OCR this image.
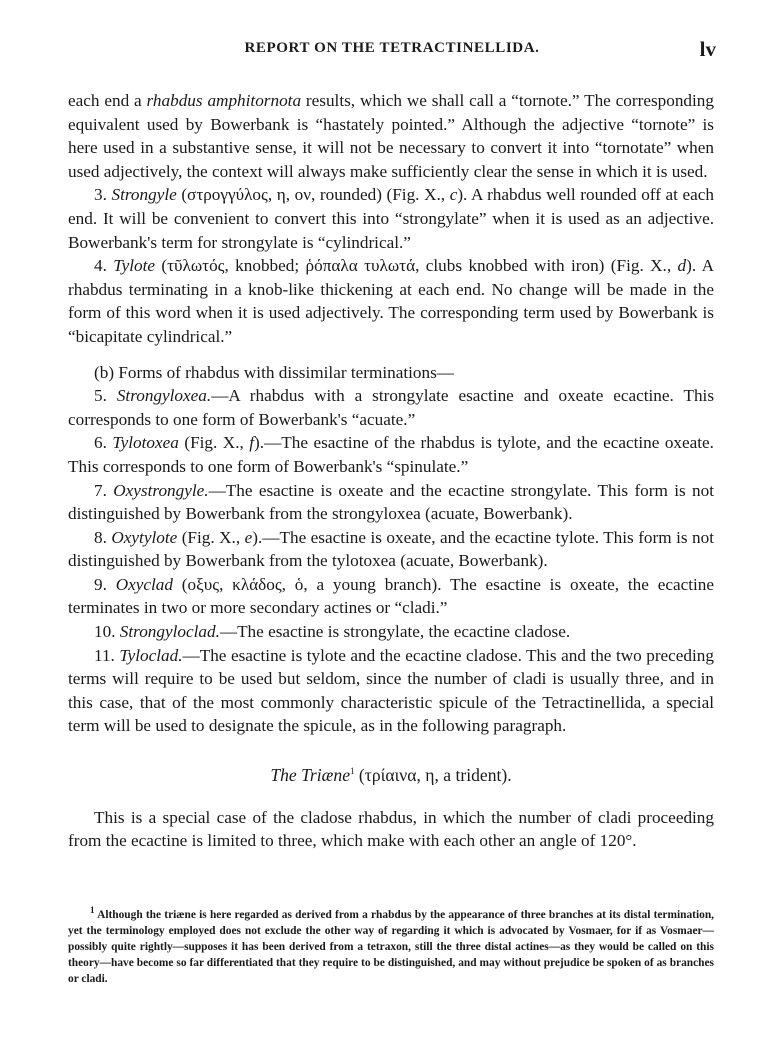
REPORT ON THE TETRACTINELLIDA.	lv

each end a rhabdus amphitornota results, which we shall call a “tornote.” The corresponding equivalent used by Bowerbank is “hastately pointed.” Although the adjective “tornote” is here used in a substantive sense, it will not be necessary to convert it into “tornotate” when used adjectively, the context will always make sufficiently clear the sense in which it is used.

3. Strongyle (στρογγύλος, η, ον, rounded) (Fig. X., c). A rhabdus well rounded off at each end. It will be convenient to convert this into “strongylate” when it is used as an adjective. Bowerbank's term for strongylate is “cylindrical.”

4. Tylote (τῦλωτός, knobbed; ῥόπαλα τυλωτά, clubs knobbed with iron) (Fig. X., d). A rhabdus terminating in a knob-like thickening at each end. No change will be made in the form of this word when it is used adjectively. The corresponding term used by Bowerbank is “bicapitate cylindrical.”

(b) Forms of rhabdus with dissimilar terminations—

5. Strongyloxea.—A rhabdus with a strongylate esactine and oxeate ecactine. This corresponds to one form of Bowerbank's “acuate.”

6. Tylotoxea (Fig. X., f).—The esactine of the rhabdus is tylote, and the ecactine oxeate. This corresponds to one form of Bowerbank's “spinulate.”

7. Oxystrongyle.—The esactine is oxeate and the ecactine strongylate. This form is not distinguished by Bowerbank from the strongyloxea (acuate, Bowerbank).

8. Oxytylote (Fig. X., e).—The esactine is oxeate, and the ecactine tylote. This form is not distinguished by Bowerbank from the tylotoxea (acuate, Bowerbank).

9. Oxyclad (οξυς, κλάδος, ὁ, a young branch). The esactine is oxeate, the ecactine terminates in two or more secondary actines or “cladi.”

10. Strongyloclad.—The esactine is strongylate, the ecactine cladose.

11. Tyloclad.—The esactine is tylote and the ecactine cladose. This and the two preceding terms will require to be used but seldom, since the number of cladi is usually three, and in this case, that of the most commonly characteristic spicule of the Tetractinellida, a special term will be used to designate the spicule, as in the following paragraph.

The Triæne$^1$ (τρίαινα, η, a trident).

This is a special case of the cladose rhabdus, in which the number of cladi proceeding from the ecactine is limited to three, which make with each other an angle of 120°.

$^1$ Although the triæne is here regarded as derived from a rhabdus by the appearance of three branches at its distal termination, yet the terminology employed does not exclude the other way of regarding it which is advocated by Vosmaer, for if as Vosmaer—possibly quite rightly—supposes it has been derived from a tetraxon, still the three distal actines—as they would be called on this theory—have become so far differentiated that they require to be distinguished, and may without prejudice be spoken of as branches or cladi.
